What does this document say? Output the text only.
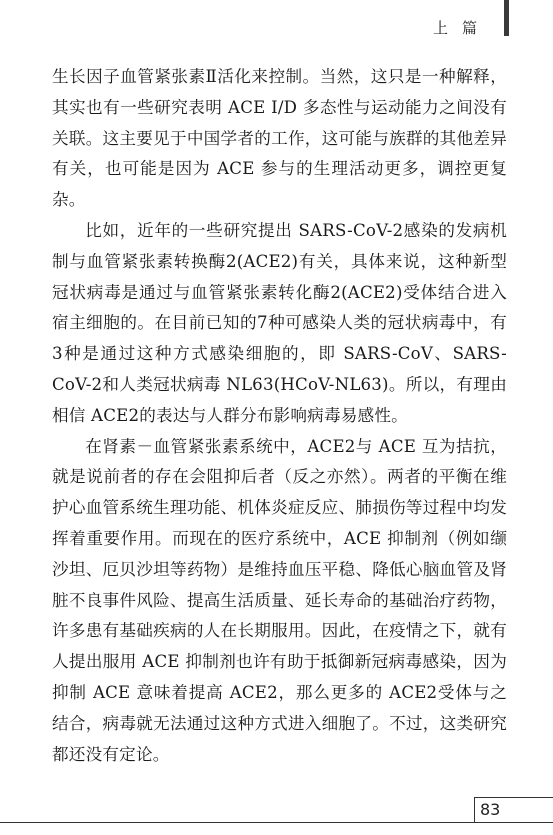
上篇

生长因子血管紧张素Ⅱ活化来控制。当然，这只是一种解释，其实也有一些研究表明 ACE I/D 多态性与运动能力之间没有关联。这主要见于中国学者的工作，这可能与族群的其他差异有关，也可能是因为 ACE 参与的生理活动更多，调控更复杂。

比如，近年的一些研究提出 SARS-CoV-2感染的发病机制与血管紧张素转换酶2(ACE2)有关，具体来说，这种新型冠状病毒是通过与血管紧张素转化酶2(ACE2)受体结合进入宿主细胞的。在目前已知的7种可感染人类的冠状病毒中，有3种是通过这种方式感染细胞的，即 SARS-CoV、SARS-CoV-2和人类冠状病毒 NL63(HCoV-NL63)。所以，有理由相信 ACE2的表达与人群分布影响病毒易感性。

在肾素－血管紧张素系统中，ACE2与 ACE 互为拮抗，就是说前者的存在会阻抑后者（反之亦然）。两者的平衡在维护心血管系统生理功能、机体炎症反应、肺损伤等过程中均发挥着重要作用。而现在的医疗系统中，ACE 抑制剂（例如缬沙坦、厄贝沙坦等药物）是维持血压平稳、降低心脑血管及肾脏不良事件风险、提高生活质量、延长寿命的基础治疗药物，许多患有基础疾病的人在长期服用。因此，在疫情之下，就有人提出服用 ACE 抑制剂也许有助于抵御新冠病毒感染，因为抑制 ACE 意味着提高 ACE2，那么更多的 ACE2受体与之结合，病毒就无法通过这种方式进入细胞了。不过，这类研究都还没有定论。

83
